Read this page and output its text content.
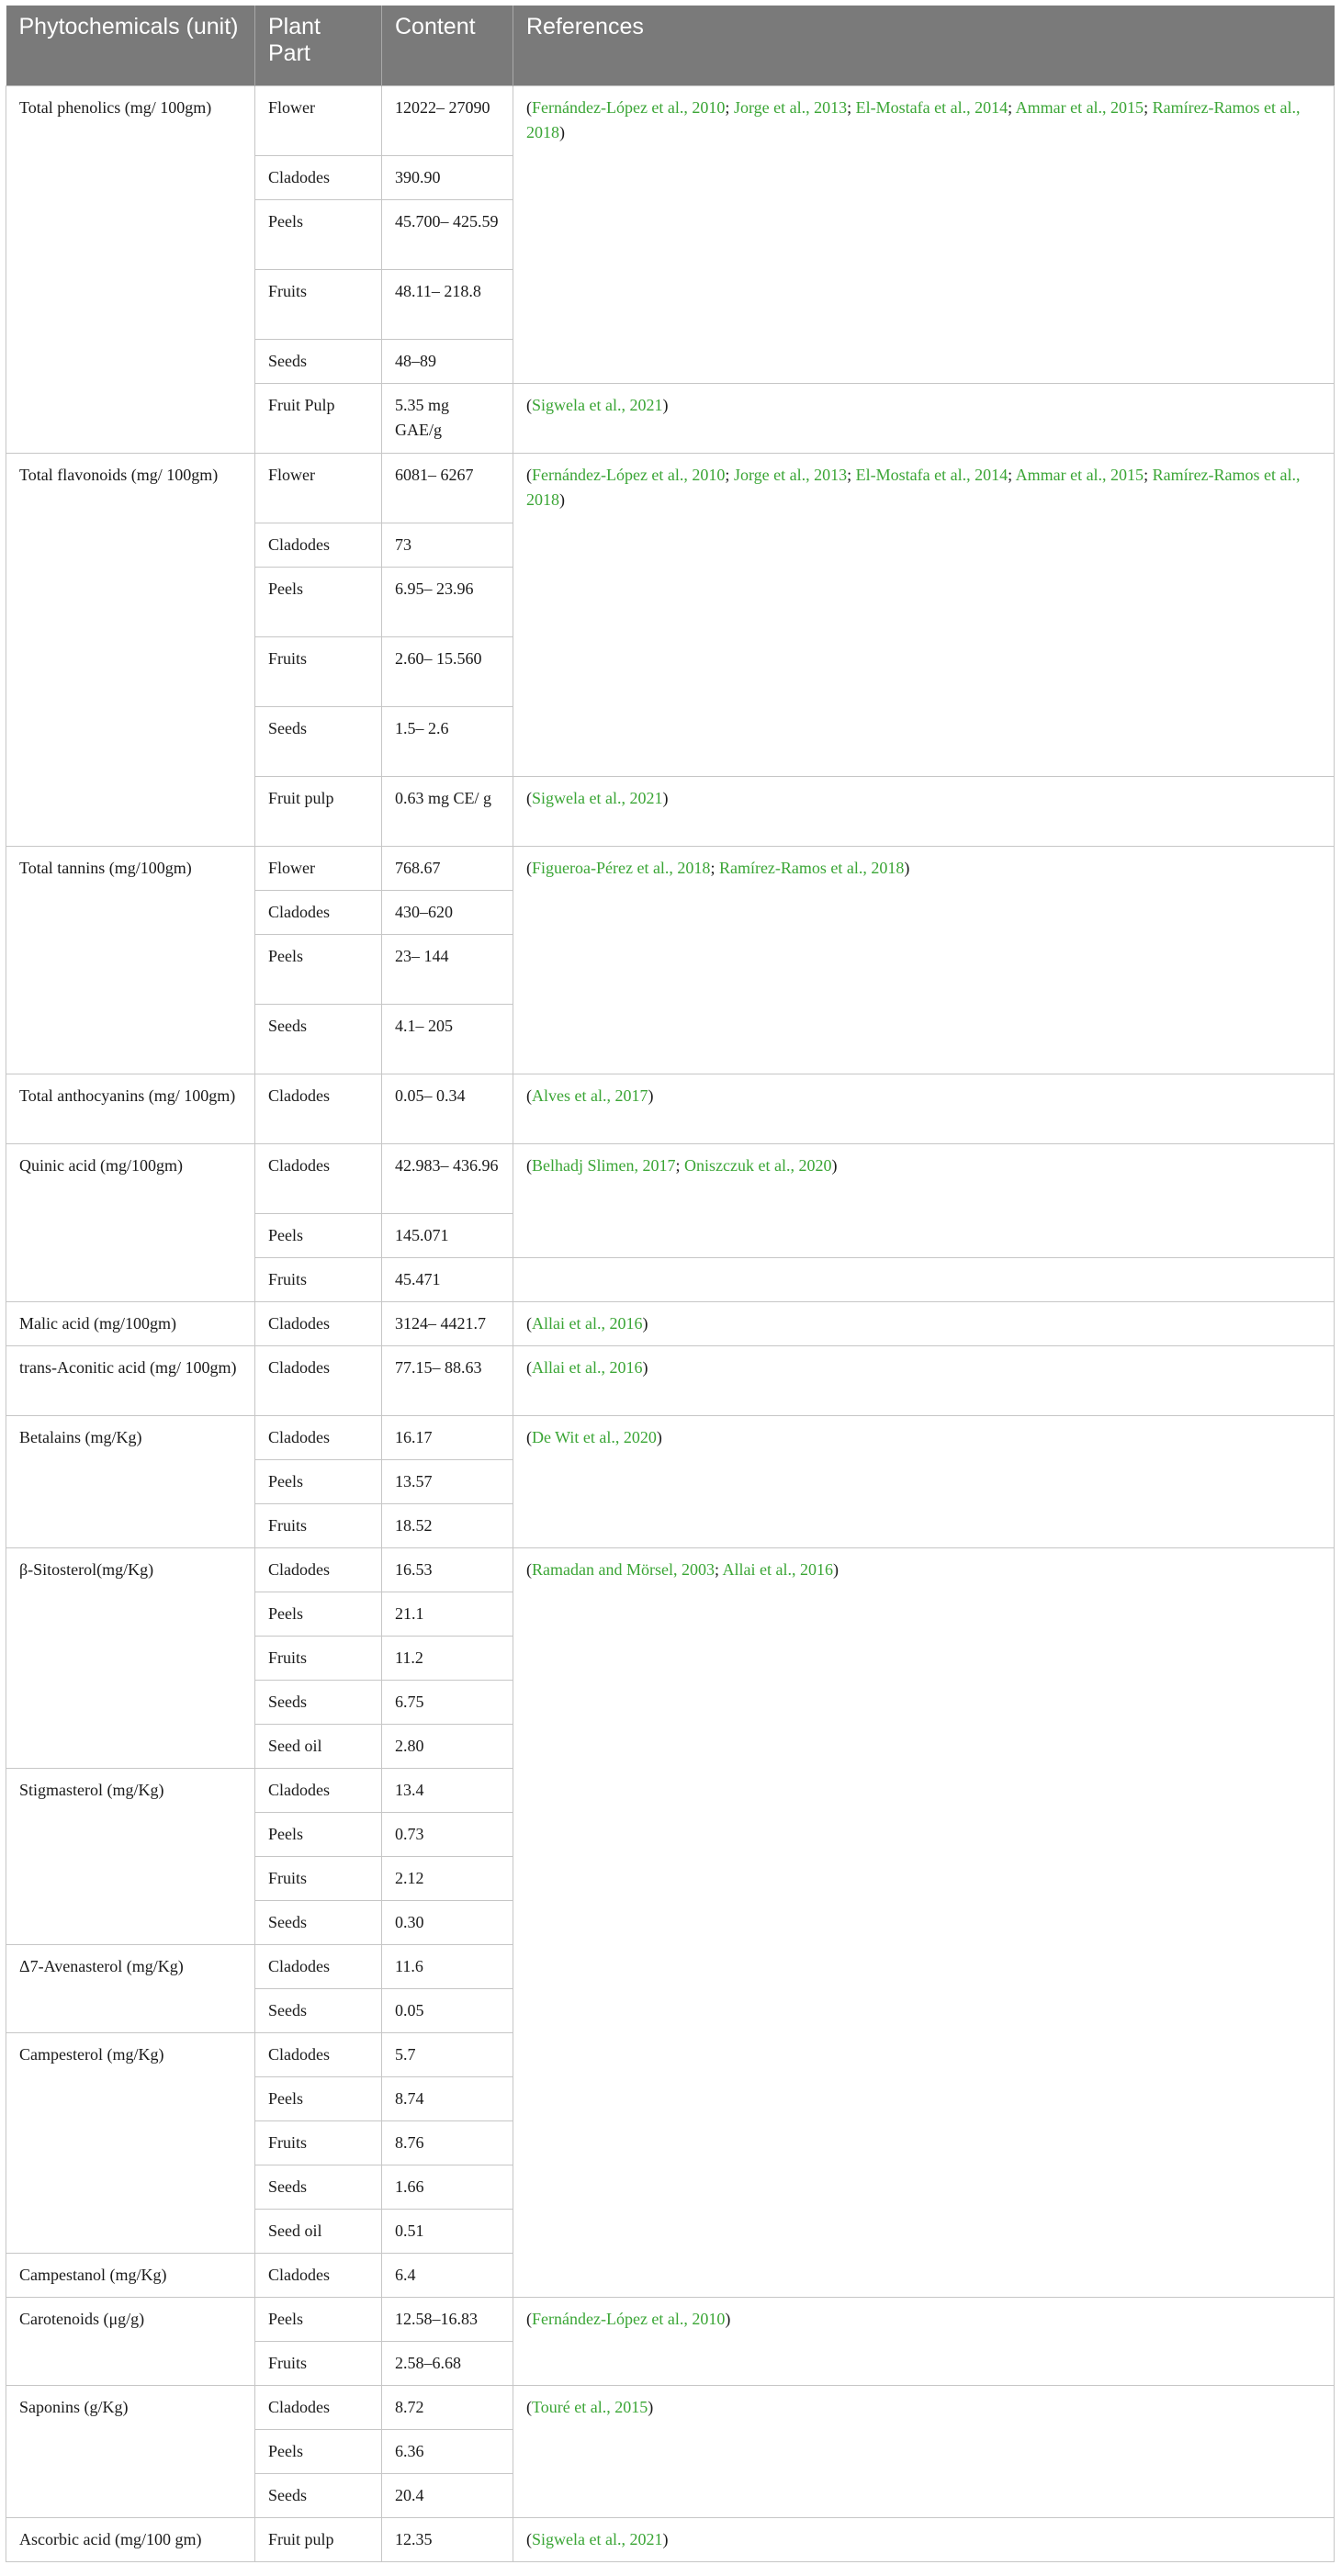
Phytochemicals (unit)	Plant Part	Content	References
Total phenolics (mg/ 100gm)	Flower	12022– 27090	(Fernández-López et al., 2010; Jorge et al., 2013; El-Mostafa et al., 2014; Ammar et al., 2015; Ramírez-Ramos et al., 2018)
	Cladodes	390.90	
	Peels	45.700– 425.59	
	Fruits	48.11– 218.8	
	Seeds	48–89	
	Fruit Pulp	5.35 mg GAE/g	(Sigwela et al., 2021)
Total flavonoids (mg/ 100gm)	Flower	6081– 6267	(Fernández-López et al., 2010; Jorge et al., 2013; El-Mostafa et al., 2014; Ammar et al., 2015; Ramírez-Ramos et al., 2018)
	Cladodes	73	
	Peels	6.95– 23.96	
	Fruits	2.60– 15.560	
	Seeds	1.5– 2.6	
	Fruit pulp	0.63 mg CE/ g	(Sigwela et al., 2021)
Total tannins (mg/100gm)	Flower	768.67	(Figueroa-Pérez et al., 2018; Ramírez-Ramos et al., 2018)
	Cladodes	430–620	
	Peels	23– 144	
	Seeds	4.1– 205	
Total anthocyanins (mg/ 100gm)	Cladodes	0.05– 0.34	(Alves et al., 2017)
Quinic acid (mg/100gm)	Cladodes	42.983– 436.96	(Belhadj Slimen, 2017; Oniszczuk et al., 2020)
	Peels	145.071	
	Fruits	45.471	
Malic acid (mg/100gm)	Cladodes	3124– 4421.7	(Allai et al., 2016)
trans-Aconitic acid (mg/ 100gm)	Cladodes	77.15– 88.63	(Allai et al., 2016)
Betalains (mg/Kg)	Cladodes	16.17	(De Wit et al., 2020)
	Peels	13.57	
	Fruits	18.52	
β-Sitosterol(mg/Kg)	Cladodes	16.53	(Ramadan and Mörsel, 2003; Allai et al., 2016)
	Peels	21.1	
	Fruits	11.2	
	Seeds	6.75	
	Seed oil	2.80	
Stigmasterol (mg/Kg)	Cladodes	13.4	
	Peels	0.73	
	Fruits	2.12	
	Seeds	0.30	
Δ7-Avenasterol (mg/Kg)	Cladodes	11.6	
	Seeds	0.05	
Campesterol (mg/Kg)	Cladodes	5.7	
	Peels	8.74	
	Fruits	8.76	
	Seeds	1.66	
	Seed oil	0.51	
Campestanol (mg/Kg)	Cladodes	6.4	
Carotenoids (μg/g)	Peels	12.58–16.83	(Fernández-López et al., 2010)
	Fruits	2.58–6.68	
Saponins (g/Kg)	Cladodes	8.72	(Touré et al., 2015)
	Peels	6.36	
	Seeds	20.4	
Ascorbic acid (mg/100 gm)	Fruit pulp	12.35	(Sigwela et al., 2021)
